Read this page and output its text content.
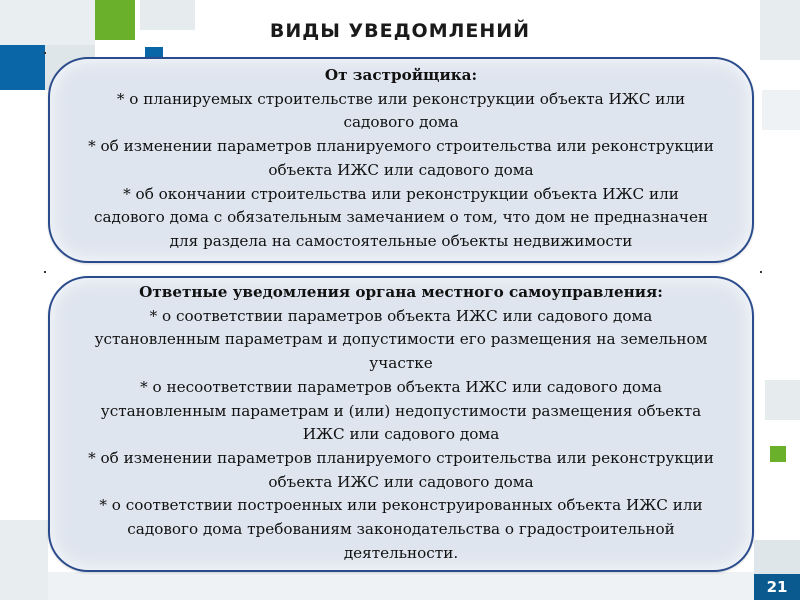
ВИДЫ УВЕДОМЛЕНИЙ
От застройщика:
* о планируемых строительстве или реконструкции объекта ИЖС или
садового дома
* об изменении параметров планируемого строительства или реконструкции
объекта ИЖС или садового дома
* об окончании строительства или реконструкции объекта ИЖС или
садового дома с обязательным замечанием о том, что дом не предназначен
для раздела на самостоятельные объекты недвижимости
Ответные уведомления органа местного самоуправления:
* о соответствии параметров объекта ИЖС или садового дома
установленным параметрам и допустимости его размещения на земельном
участке
* о несоответствии параметров объекта ИЖС или садового дома
установленным параметрам и (или) недопустимости размещения объекта
ИЖС или садового дома
* об изменении параметров планируемого строительства или реконструкции
объекта ИЖС или садового дома
* о соответствии построенных или реконструированных объекта ИЖС или
садового дома требованиям законодательства о градостроительной
деятельности.
21
